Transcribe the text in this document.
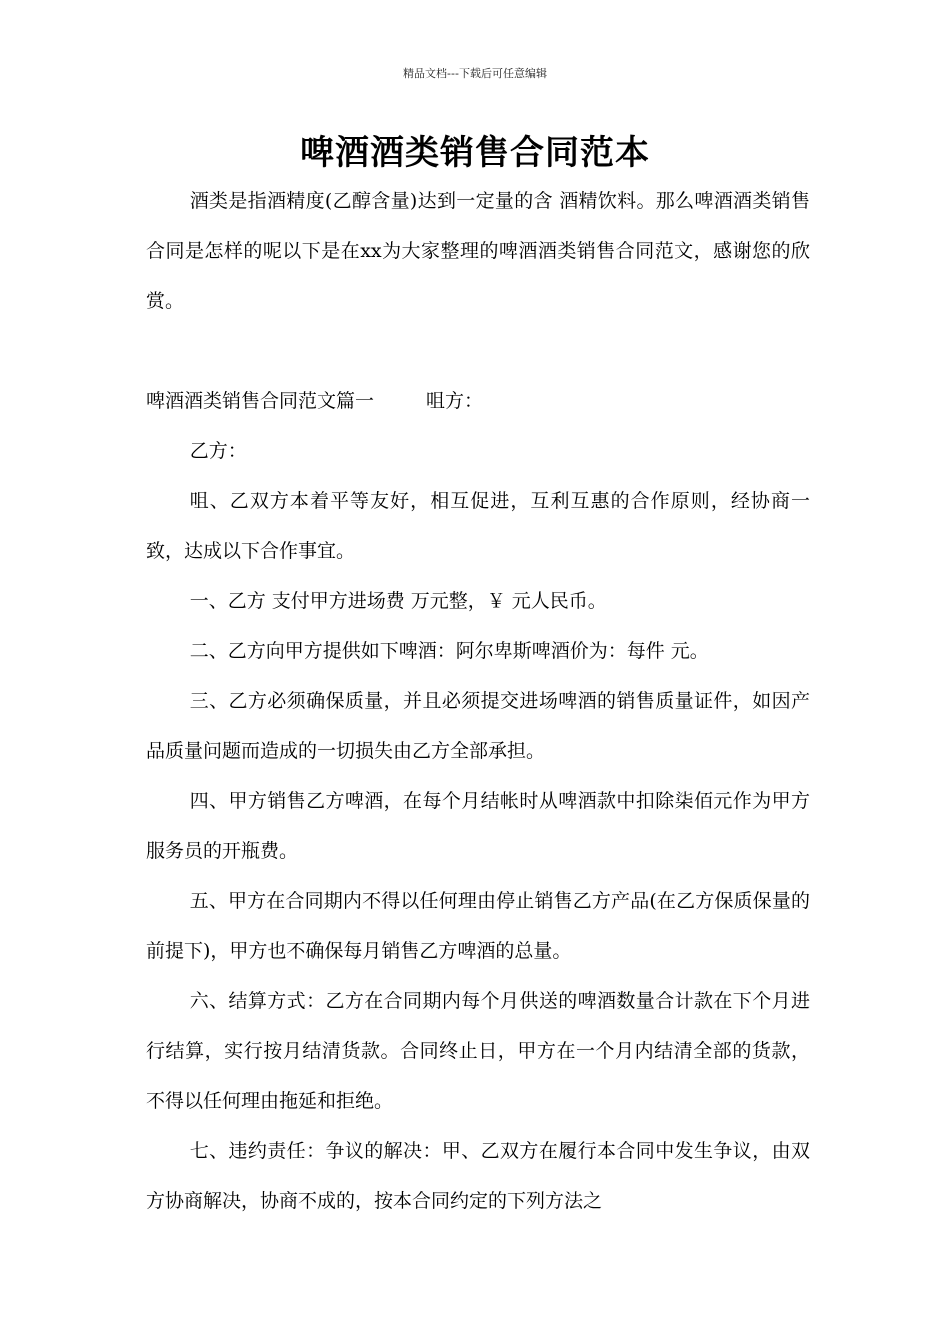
精品文档---下载后可任意编辑
啤酒酒类销售合同范本

酒类是指酒精度(乙醇含量)达到一定量的含 酒精饮料。那么啤酒酒类销售合同是怎样的呢以下是在xx为大家整理的啤酒酒类销售合同范文，感谢您的欣赏。

啤酒酒类销售合同范文篇一	咀方：

乙方：

咀、乙双方本着平等友好，相互促进，互利互惠的合作原则，经协商一致，达成以下合作事宜。

一、乙方 支付甲方进场费 万元整，￥ 元人民币。

二、乙方向甲方提供如下啤酒：阿尔卑斯啤酒价为：每件 元。

三、乙方必须确保质量，并且必须提交进场啤酒的销售质量证件，如因产品质量问题而造成的一切损失由乙方全部承担。

四、甲方销售乙方啤酒，在每个月结帐时从啤酒款中扣除柒佰元作为甲方服务员的开瓶费。

五、甲方在合同期内不得以任何理由停止销售乙方产品(在乙方保质保量的前提下)，甲方也不确保每月销售乙方啤酒的总量。

六、结算方式：乙方在合同期内每个月供送的啤酒数量合计款在下个月进行结算，实行按月结清货款。合同终止日，甲方在一个月内结清全部的货款，不得以任何理由拖延和拒绝。

七、违约责任：争议的解决：甲、乙双方在履行本合同中发生争议，由双方协商解决，协商不成的，按本合同约定的下列方法之
